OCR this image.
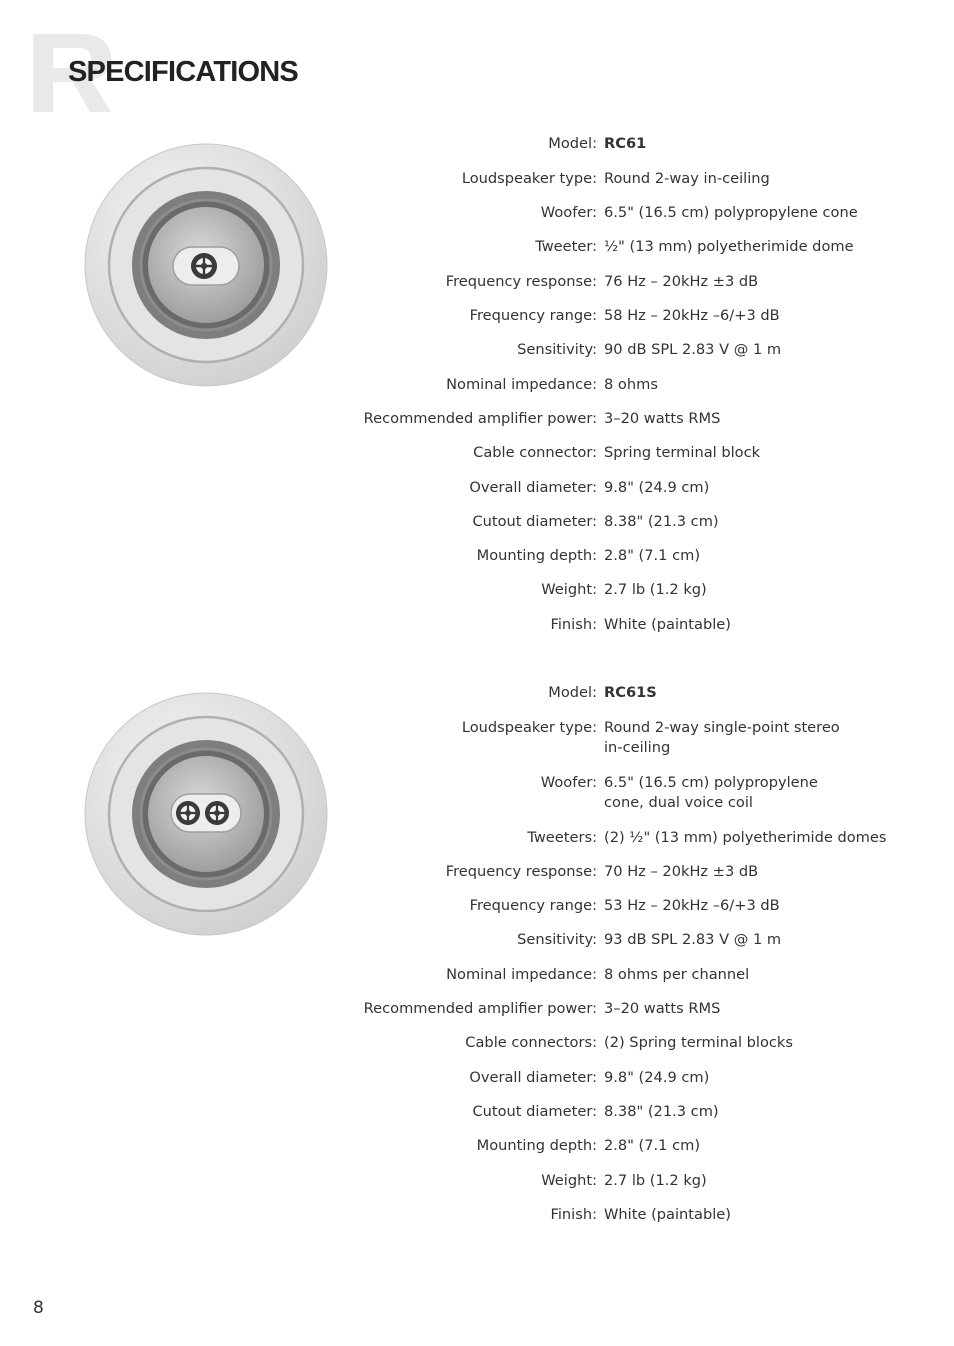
SPECIFICATIONS
Model: RC61
Loudspeaker type: Round 2-way in-ceiling
Woofer: 6.5" (16.5 cm) polypropylene cone
Tweeter: ½" (13 mm) polyetherimide dome
Frequency response: 76 Hz – 20kHz ±3 dB
Frequency range: 58 Hz – 20kHz –6/+3 dB
Sensitivity: 90 dB SPL 2.83 V @ 1 m
Nominal impedance: 8 ohms
Recommended amplifier power: 3–20 watts RMS
Cable connector: Spring terminal block
Overall diameter: 9.8" (24.9 cm)
Cutout diameter: 8.38" (21.3 cm)
Mounting depth: 2.8" (7.1 cm)
Weight: 2.7 lb (1.2 kg)
Finish: White (paintable)
Model: RC61S
Loudspeaker type: Round 2-way single-point stereo in-ceiling
Woofer: 6.5" (16.5 cm) polypropylene cone, dual voice coil
Tweeters: (2) ½" (13 mm) polyetherimide domes
Frequency response: 70 Hz – 20kHz ±3 dB
Frequency range: 53 Hz – 20kHz –6/+3 dB
Sensitivity: 93 dB SPL 2.83 V @ 1 m
Nominal impedance: 8 ohms per channel
Recommended amplifier power: 3–20 watts RMS
Cable connectors: (2) Spring terminal blocks
Overall diameter: 9.8" (24.9 cm)
Cutout diameter: 8.38" (21.3 cm)
Mounting depth: 2.8" (7.1 cm)
Weight: 2.7 lb (1.2 kg)
Finish: White (paintable)
8
